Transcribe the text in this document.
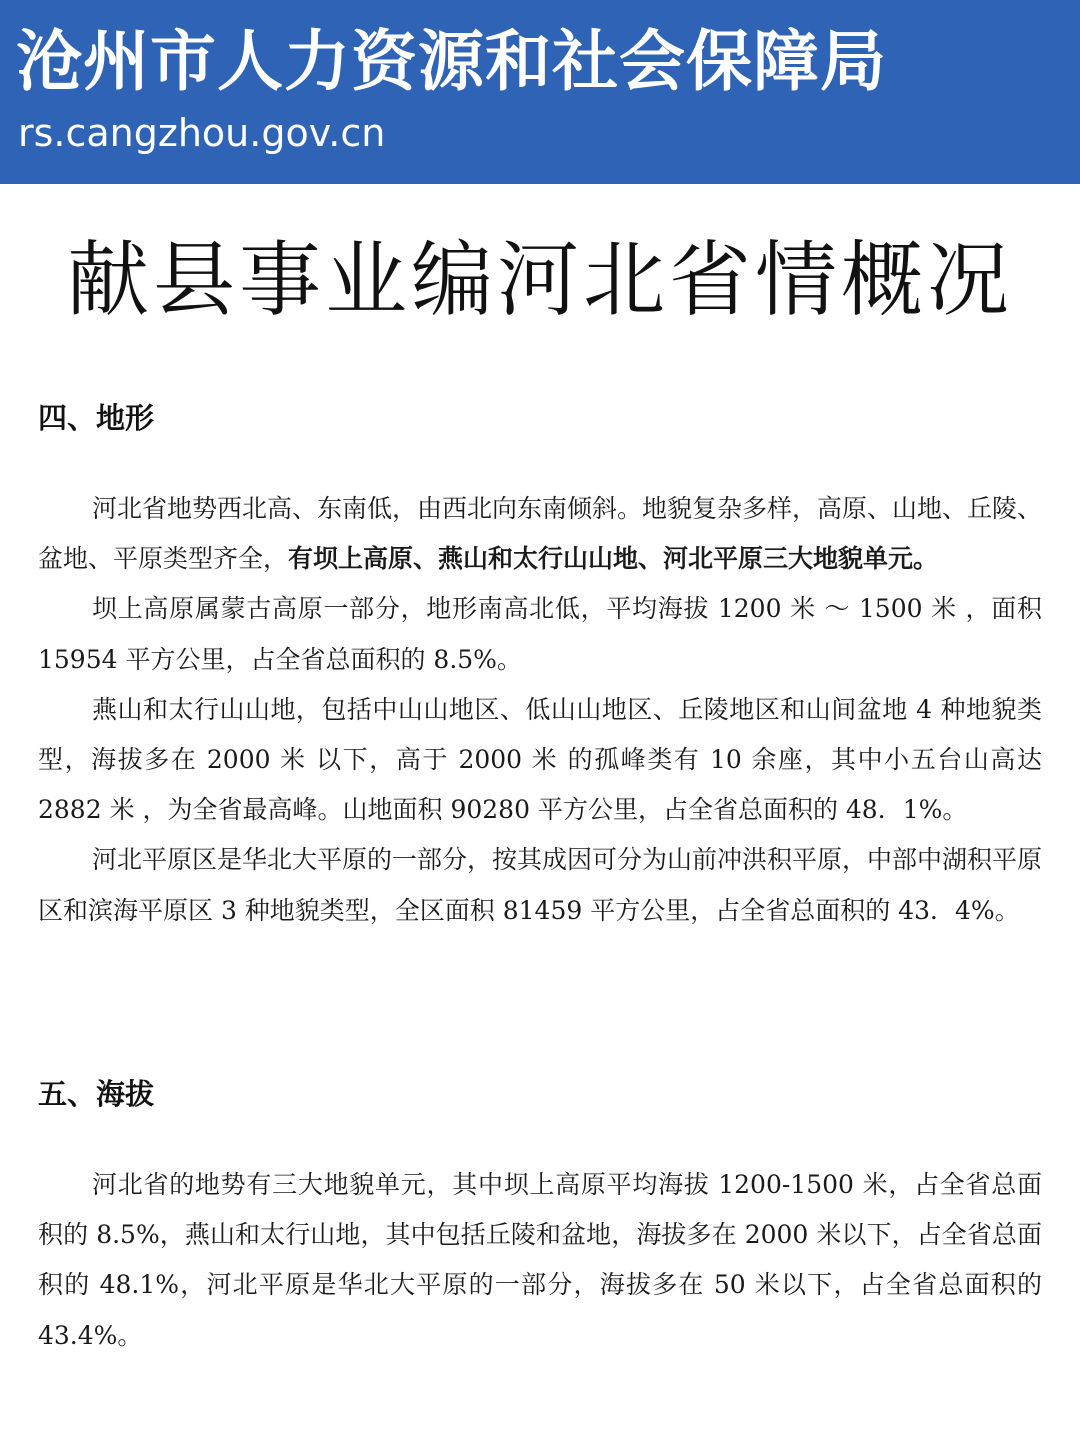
沧州市人力资源和社会保障局
rs.cangzhou.gov.cn
献县事业编河北省情概况
四、地形

河北省地势西北高、东南低，由西北向东南倾斜。地貌复杂多样，高原、山地、丘陵、盆地、平原类型齐全，有坝上高原、燕山和太行山山地、河北平原三大地貌单元。

坝上高原属蒙古高原一部分，地形南高北低，平均海拔 1200 米 ～ 1500 米 ，面积 15954 平方公里，占全省总面积的 8.5%。

燕山和太行山山地，包括中山山地区、低山山地区、丘陵地区和山间盆地 4 种地貌类型，海拔多在 2000 米 以下，高于 2000 米 的孤峰类有 10 余座，其中小五台山高达 2882 米 ，为全省最高峰。山地面积 90280 平方公里，占全省总面积的 48．1%。

河北平原区是华北大平原的一部分，按其成因可分为山前冲洪积平原，中部中湖积平原区和滨海平原区 3 种地貌类型，全区面积 81459 平方公里，占全省总面积的 43．4%。

五、海拔

河北省的地势有三大地貌单元，其中坝上高原平均海拔 1200-1500 米，占全省总面积的 8.5%，燕山和太行山地，其中包括丘陵和盆地，海拔多在 2000 米以下，占全省总面积的 48.1%，河北平原是华北大平原的一部分，海拔多在 50 米以下，占全省总面积的 43.4%。
